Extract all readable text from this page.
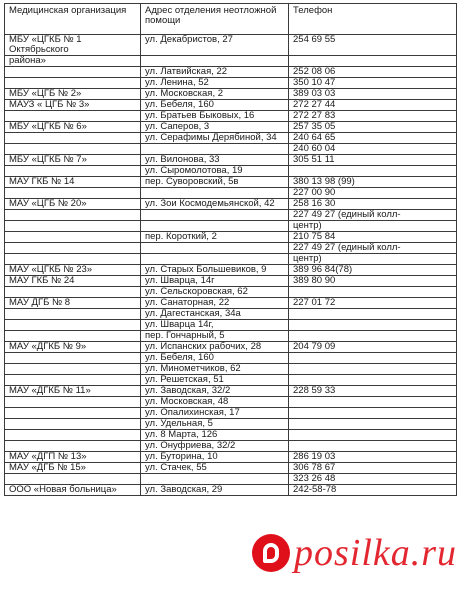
Медицинская организация	Адрес отделения неотложной помощи	Телефон
МБУ «ЦГКБ № 1 Октябрьского	ул. Декабристов, 27	254 69 55
района»		
	ул. Латвийская, 22	252 08 06
	ул. Ленина, 52	350 10 47
МБУ «ЦГБ № 2»	ул. Московская, 2	389 03 03
МАУЗ « ЦГБ № 3»	ул. Бебеля, 160	272 27 44
	ул. Братьев Быковых, 16	272 27 83
МБУ «ЦГКБ № 6»	ул. Саперов, 3	257 35 05
	ул. Серафимы Дерябиной, 34	240 64 65
		240 60 04
МБУ «ЦГКБ № 7»	ул. Вилонова, 33	305 51 11
	ул. Сыромолотова, 19	
МАУ ГКБ № 14	пер. Суворовский, 5в	380 13 98 (99)
		227 00 90
МАУ «ЦГБ № 20»	ул. Зои Космодемьянской, 42	258 16 30
		227 49 27 (единый колл-
		центр)
	пер. Короткий, 2	210 75 84
		227 49 27 (единый колл-
		центр)
МАУ «ЦГКБ № 23»	ул. Старых Большевиков, 9	389 96 84(78)
МАУ ГКБ № 24	ул. Шварца, 14г	389 80 90
	ул. Сельскоровская, 62	
МАУ ДГБ № 8	ул. Санаторная, 22	227 01 72
	ул. Дагестанская, 34а	
	ул. Шварца 14г,	
	пер. Гончарный, 5	
МАУ «ДГКБ № 9»	ул. Испанских рабочих, 28	204 79 09
	ул. Бебеля, 160	
	ул. Минометчиков, 62	
	ул. Решетская, 51	
МАУ «ДГКБ № 11»	ул. Заводская, 32/2	228 59 33
	ул. Московская, 48	
	ул. Опалихинская, 17	
	ул. Удельная, 5	
	ул. 8 Марта, 126	
	ул. Онуфриева, 32/2	
МАУ «ДГП № 13»	ул. Буторина, 10	286 19 03
МАУ «ДГБ № 15»	ул. Стачек, 55	306 78 67
		323 26 48
ООО «Новая больница»	ул. Заводская, 29	242-58-78
posilka.ru
